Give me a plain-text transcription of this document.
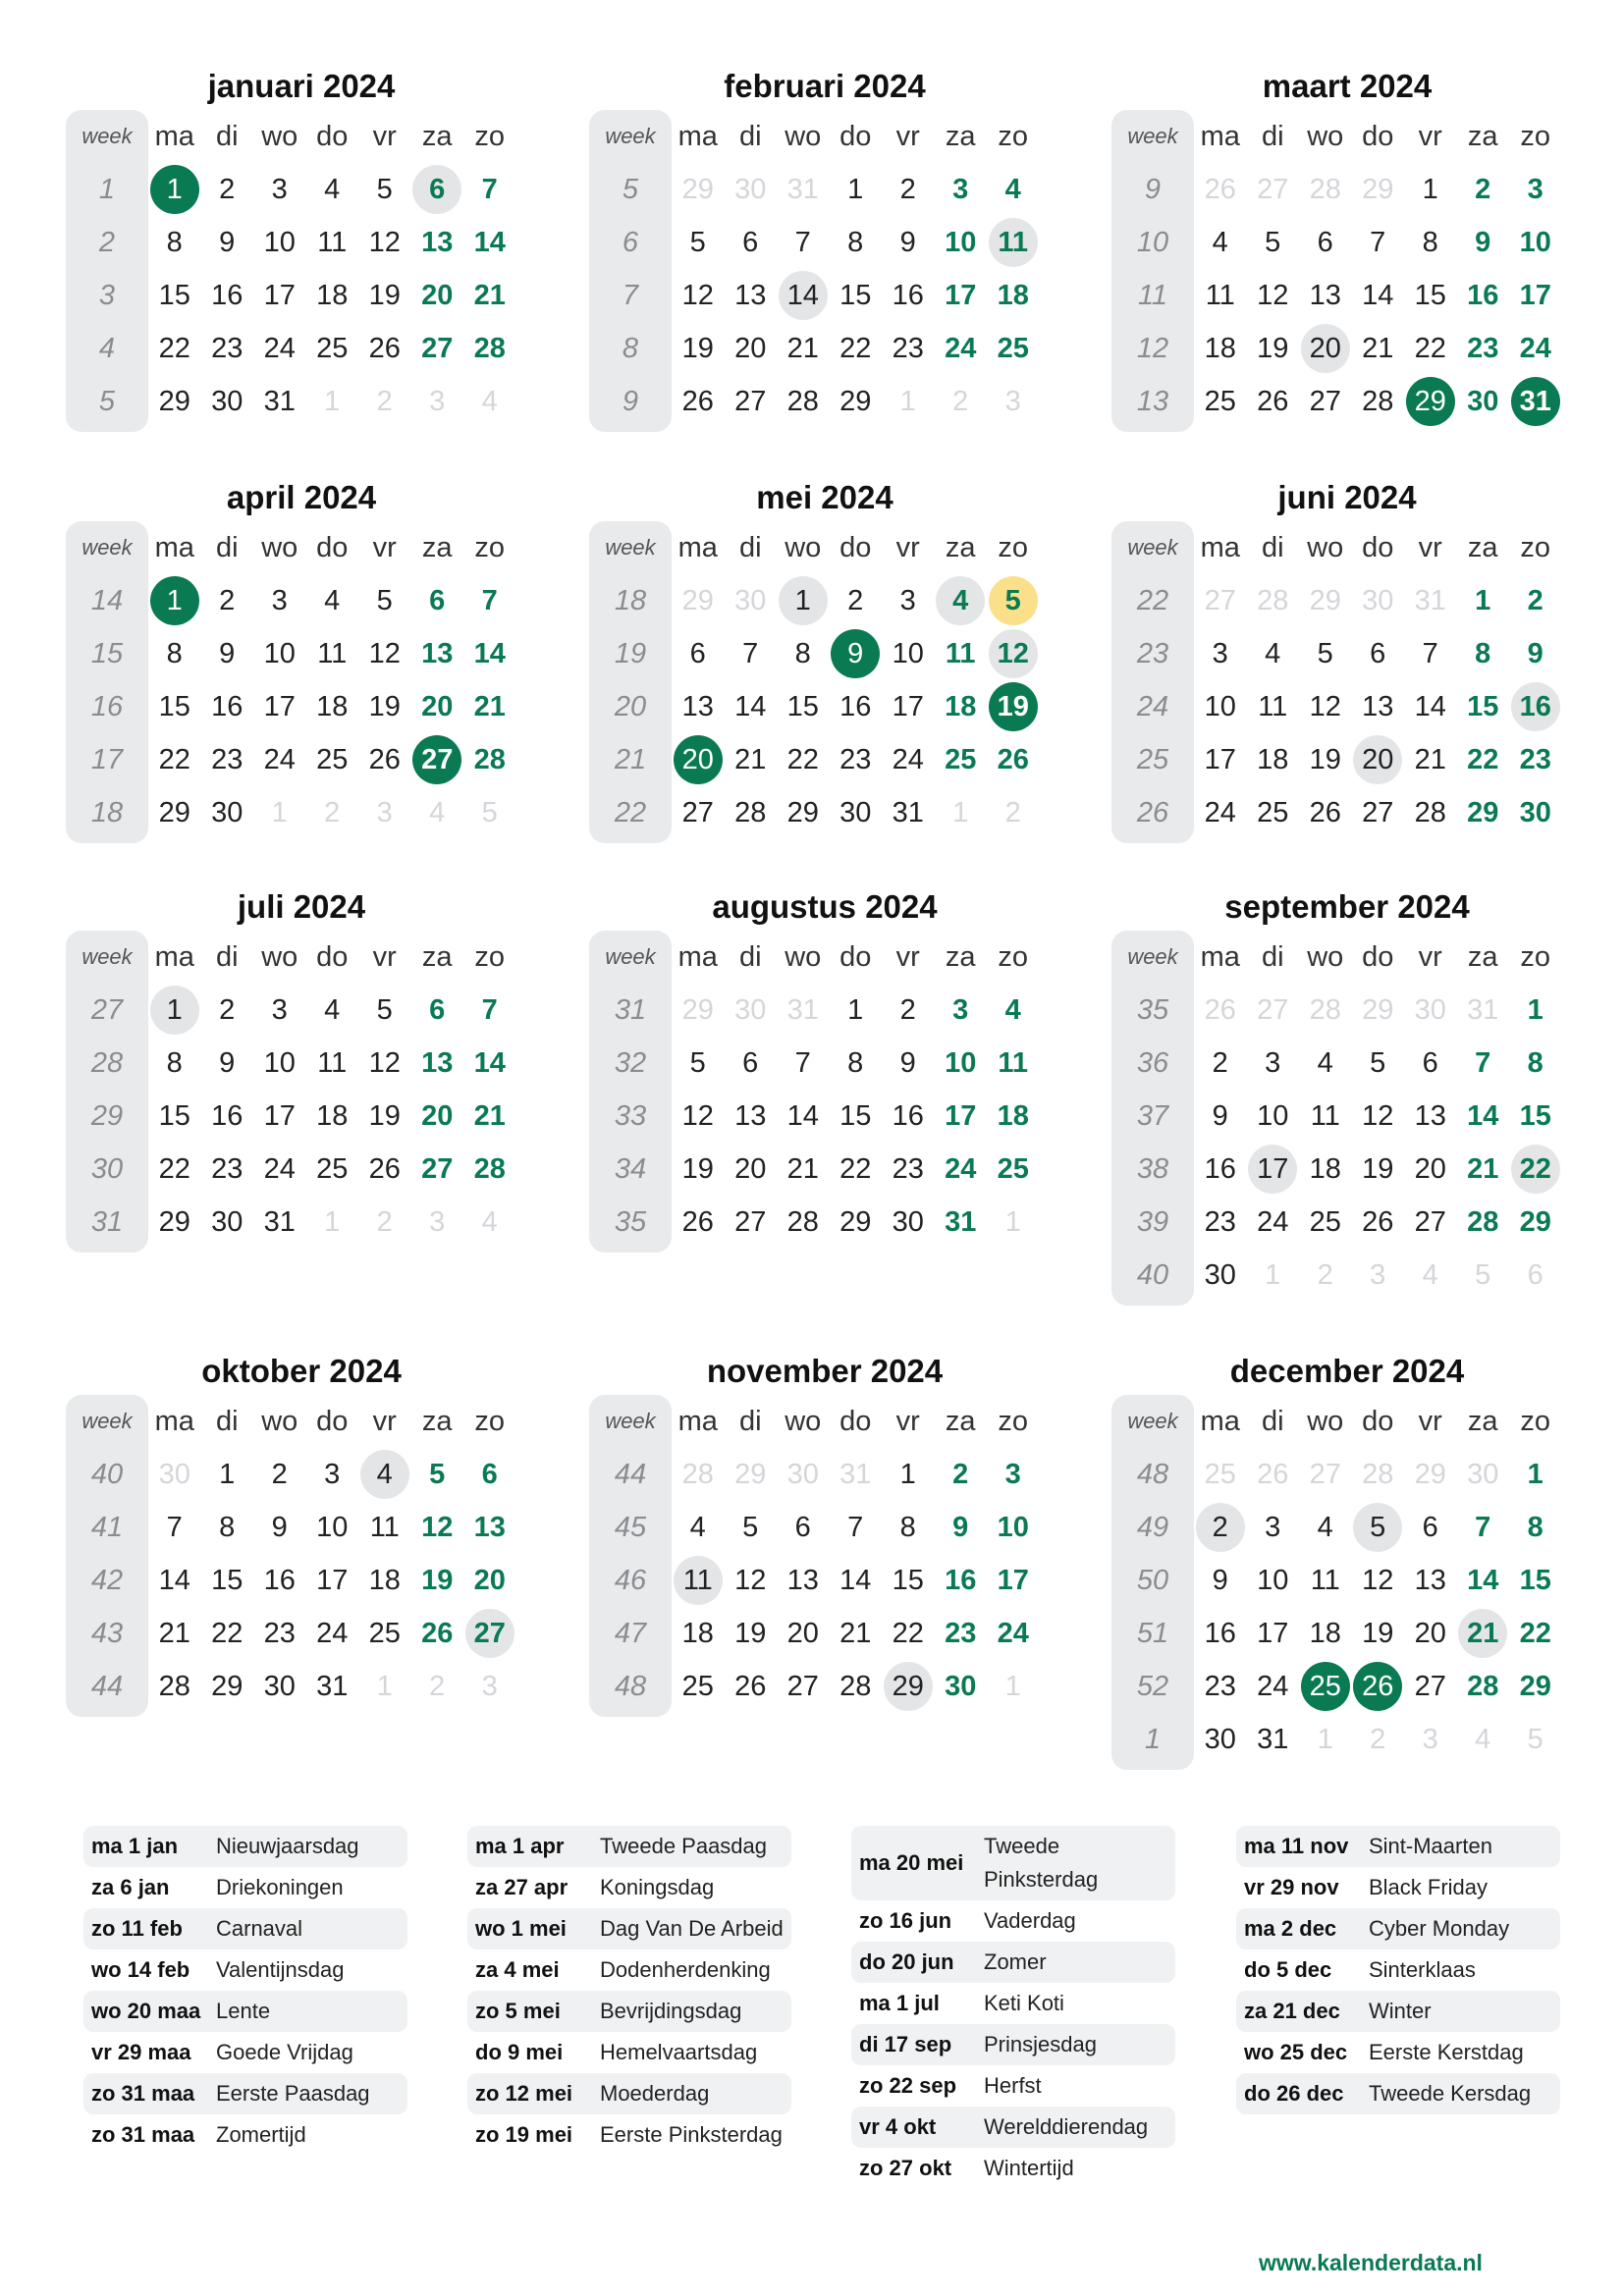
januari 2024
week ma di wo do vr za zo
1	1	2	3	4	5	6	7
2	8	9	10 11 12 13 14
3	15 16 17 18 19 20 21
4	22 23 24 25 26 27 28
5	29 30 31	1	2	3	4
februari 2024
week ma di wo do vr za zo
5	29 30 31	1	2	3	4
6	5	6	7	8	9	10 11
7	12 13 14 15 16 17 18
8	19 20 21 22 23 24 25
9	26 27 28 29	1	2	3
maart 2024
week ma di wo do vr za zo
9	26 27 28 29	1	2	3
10	4	5	6	7	8	9	10
11	11 12 13 14 15 16 17
12	18 19 20 21 22 23 24
13	25 26 27 28 29 30 31
april 2024
week ma di wo do vr za zo
14	1	2	3	4	5	6	7
15	8	9	10 11 12 13 14
16	15 16 17 18 19 20 21
17	22 23 24 25 26 27 28
18	29 30	1	2	3	4	5
mei 2024
week ma di wo do vr za zo
18	29 30	1	2	3	4	5
19	6	7	8	9	10 11 12
20	13 14 15 16 17 18 19
21	20 21 22 23 24 25 26
22	27 28 29 30 31	1	2
juni 2024
week ma di wo do vr za zo
22	27 28 29 30 31	1	2
23	3	4	5	6	7	8	9
24	10 11 12 13 14 15 16
25	17 18 19 20 21 22 23
26	24 25 26 27 28 29 30
juli 2024
week ma di wo do vr za zo
27	1	2	3	4	5	6	7
28	8	9	10 11 12 13 14
29	15 16 17 18 19 20 21
30	22 23 24 25 26 27 28
31	29 30 31	1	2	3	4
augustus 2024
week ma di wo do vr za zo
31	29 30 31	1	2	3	4
32	5	6	7	8	9	10 11
33	12 13 14 15 16 17 18
34	19 20 21 22 23 24 25
35	26 27 28 29 30 31	1
september 2024
week ma di wo do vr za zo
35	26 27 28 29 30 31	1
36	2	3	4	5	6	7	8
37	9	10 11 12 13 14 15
38	16 17 18 19 20 21 22
39	23 24 25 26 27 28 29
40	30	1	2	3	4	5	6
oktober 2024
week ma di wo do vr za zo
40	30	1	2	3	4	5	6
41	7	8	9	10 11 12 13
42	14 15 16 17 18 19 20
43	21 22 23 24 25 26 27
44	28 29 30 31	1	2	3
november 2024
week ma di wo do vr za zo
44	28 29 30 31	1	2	3
45	4	5	6	7	8	9	10
46	11 12 13 14 15 16 17
47	18 19 20 21 22 23 24
48	25 26 27 28 29 30	1
december 2024
week ma di wo do vr za zo
48	25 26 27 28 29 30	1
49	2	3	4	5	6	7	8
50	9	10 11 12 13 14 15
51	16 17 18 19 20 21 22
52	23 24 25 26 27 28 29
1	30 31	1	2	3	4	5
ma 1 jan	Nieuwjaarsdag
za 6 jan	Driekoningen
zo 11 feb	Carnaval
wo 14 feb	Valentijnsdag
wo 20 maa Lente
vr 29 maa	Goede Vrijdag
zo 31 maa Eerste Paasdag
zo 31 maa Zomertijd
ma 1 apr	Tweede Paasdag
za 27 apr	Koningsdag
wo 1 mei	Dag Van De Arbeid
za 4 mei	Dodenherdenking
zo 5 mei	Bevrijdingsdag
do 9 mei	Hemelvaartsdag
zo 12 mei	Moederdag
zo 19 mei	Eerste Pinksterdag
ma 20 mei
Tweede Pinksterdag
zo 16 jun	Vaderdag
do 20 jun	Zomer
ma 1 jul	Keti Koti
di 17 sep	Prinsjesdag
zo 22 sep	Herfst
vr 4 okt	Werelddierendag
zo 27 okt	Wintertijd
ma 11 nov Sint-Maarten
vr 29 nov	Black Friday
ma 2 dec	Cyber Monday
do 5 dec	Sinterklaas
za 21 dec	Winter
wo 25 dec Eerste Kerstdag
do 26 dec	Tweede Kersdag
www.kalenderdata.nl
